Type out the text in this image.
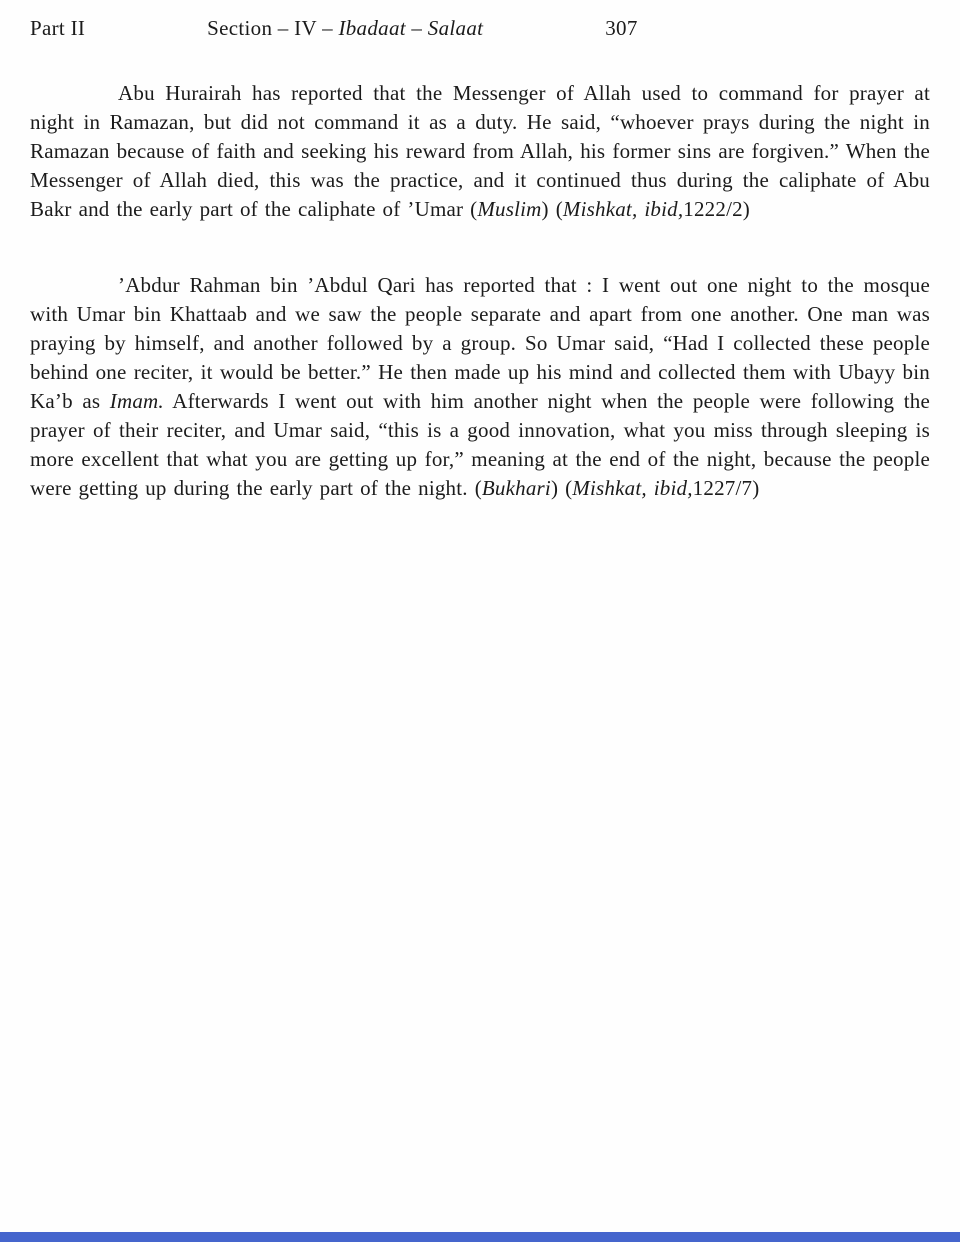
Part II	Section – IV – Ibadaat – Salaat	307

Abu Hurairah has reported that the Messenger of Allah used to command for prayer at night in Ramazan, but did not command it as a duty. He said, “whoever prays during the night in Ramazan because of faith and seeking his reward from Allah, his former sins are forgiven.” When the Messenger of Allah died, this was the practice, and it continued thus during the caliphate of Abu Bakr and the early part of the caliphate of ’Umar (Muslim) (Mishkat, ibid,1222/2)

’Abdur Rahman bin ’Abdul Qari has reported that : I went out one night to the mosque with Umar bin Khattaab and we saw the people separate and apart from one another. One man was praying by himself, and another followed by a group. So Umar said, “Had I collected these people behind one reciter, it would be better.” He then made up his mind and collected them with Ubayy bin Ka’b as Imam. Afterwards I went out with him another night when the people were following the prayer of their reciter, and Umar said, “this is a good innovation, what you miss through sleeping is more excellent that what you are getting up for,” meaning at the end of the night, because the people were getting up during the early part of the night. (Bukhari) (Mishkat, ibid,1227/7)
